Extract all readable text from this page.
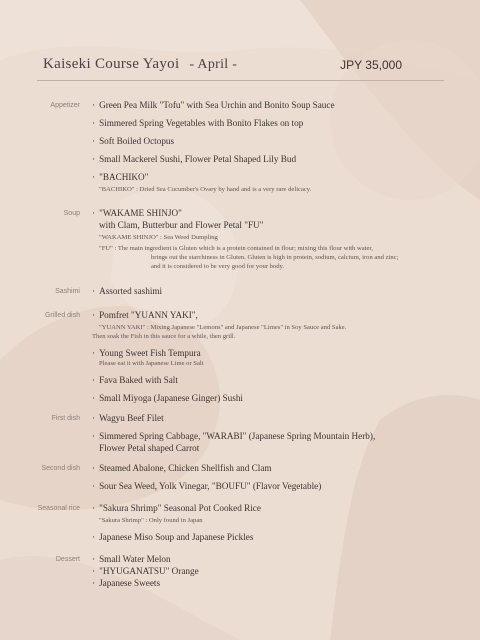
Kaiseki Course Yayoi - April -	JPY 35,000
Appetizer · Green Pea Milk "Tofu" with Sea Urchin and Bonito Soup Sauce
· Simmered Spring Vegetables with Bonito Flakes on top
· Soft Boiled Octopus
· Small Mackerel Sushi, Flower Petal Shaped Lily Bud
· "BACHIKO"
"BACHIKO" : Dried Sea Cucumber's Ovary by hand and is a very rare delicacy.
Soup · "WAKAME SHINJO"
with Clam, Butterbur and Flower Petal "FU"
"WAKAME SHINJO" : Sea Weed Dumpling
"FU" : The main ingredient is Gluten which is a protein contained in flour; mixing this flour with water,
brings out the starchiness in Gluten. Gluten is high in protein, sodium, calcium, iron and zinc;
and it is considered to be very good for your body.
Sashimi · Assorted sashimi
Grilled dish · Pomfret "YUANN YAKI",
"YUANN YAKI" : Mixing Japanese "Lemons" and Japanese "Limes" in Soy Sauce and Sake.
Then soak the Fish in this sauce for a while, then grill.
· Young Sweet Fish Tempura
Please eat it with Japanese Lime or Salt
· Fava Baked with Salt
· Small Miyoga (Japanese Ginger) Sushi
First dish · Wagyu Beef Filet
· Simmered Spring Cabbage, "WARABI" (Japanese Spring Mountain Herb),
Flower Petal shaped Carrot
Second dish · Steamed Abalone, Chicken Shellfish and Clam
· Sour Sea Weed, Yolk Vinegar, "BOUFU" (Flavor Vegetable)
Seasonal rice · "Sakura Shrimp" Seasonal Pot Cooked Rice
"Sakura Shrimp" : Only found in Japan
· Japanese Miso Soup and Japanese Pickles
Dessert · Small Water Melon
· "HYUGANATSU" Orange
· Japanese Sweets
